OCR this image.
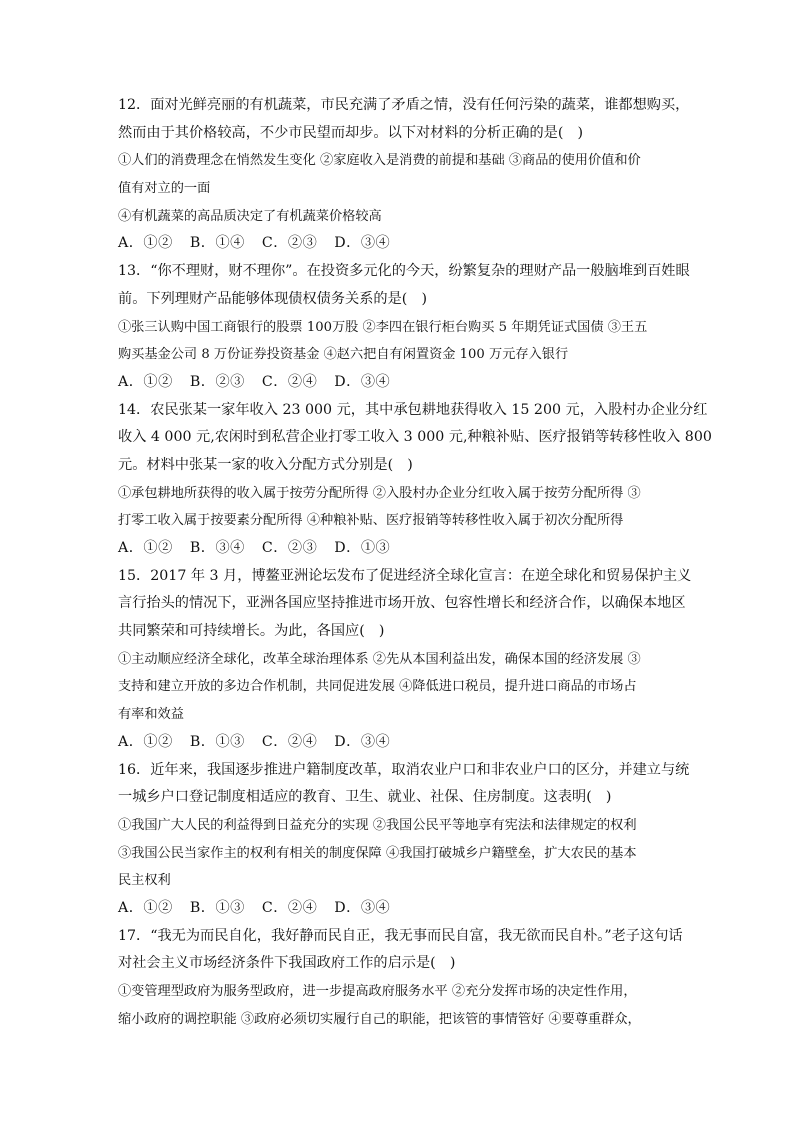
12．面对光鲜亮丽的有机蔬菜，市民充满了矛盾之情，没有任何污染的蔬菜，谁都想购买，
然而由于其价格较高，不少市民望而却步。以下对材料的分析正确的是(　)
①人们的消费理念在悄然发生变化 ②家庭收入是消费的前提和基础 ③商品的使用价值和价
值有对立的一面
④有机蔬菜的高品质决定了有机蔬菜价格较高
A．①② B．①④ C．②③ D．③④
13．“你不理财，财不理你”。在投资多元化的今天，纷繁复杂的理财产品一般脑堆到百姓眼
前。下列理财产品能够体现债权债务关系的是(　)
①张三认购中国工商银行的股票 100万股 ②李四在银行柜台购买 5 年期凭证式国债 ③王五
购买基金公司 8 万份证券投资基金 ④赵六把自有闲置资金 100 万元存入银行
A．①② B．②③ C．②④ D．③④
14．农民张某一家年收入 23 000 元，其中承包耕地获得收入 15 200 元，入股村办企业分红
收入 4 000 元,农闲时到私营企业打零工收入 3 000 元,种粮补贴、医疗报销等转移性收入 800
元。材料中张某一家的收入分配方式分别是(　)
①承包耕地所获得的收入属于按劳分配所得 ②入股村办企业分红收入属于按劳分配所得 ③
打零工收入属于按要素分配所得 ④种粮补贴、医疗报销等转移性收入属于初次分配所得
A．①② B．③④ C．②③ D．①③
15．2017 年 3 月，博鳌亚洲论坛发布了促进经济全球化宣言：在逆全球化和贸易保护主义
言行抬头的情况下，亚洲各国应坚持推进市场开放、包容性增长和经济合作，以确保本地区
共同繁荣和可持续增长。为此，各国应(　)
①主动顺应经济全球化，改革全球治理体系 ②先从本国利益出发，确保本国的经济发展 ③
支持和建立开放的多边合作机制，共同促进发展 ④降低进口税员，提升进口商品的市场占
有率和效益
A．①② B．①③ C．②④ D．③④
16．近年来，我国逐步推进户籍制度改革，取消农业户口和非农业户口的区分，并建立与统
一城乡户口登记制度相适应的教育、卫生、就业、社保、住房制度。这表明(　)
①我国广大人民的利益得到日益充分的实现 ②我国公民平等地享有宪法和法律规定的权利
③我国公民当家作主的权利有相关的制度保障 ④我国打破城乡户籍壁垒，扩大农民的基本
民主权利
A．①② B．①③ C．②④ D．③④
17．“我无为而民自化，我好静而民自正，我无事而民自富，我无欲而民自朴。”老子这句话
对社会主义市场经济条件下我国政府工作的启示是(　)
①变管理型政府为服务型政府，进一步提高政府服务水平 ②充分发挥市场的决定性作用，
缩小政府的调控职能 ③政府必须切实履行自己的职能，把该管的事情管好 ④要尊重群众，
